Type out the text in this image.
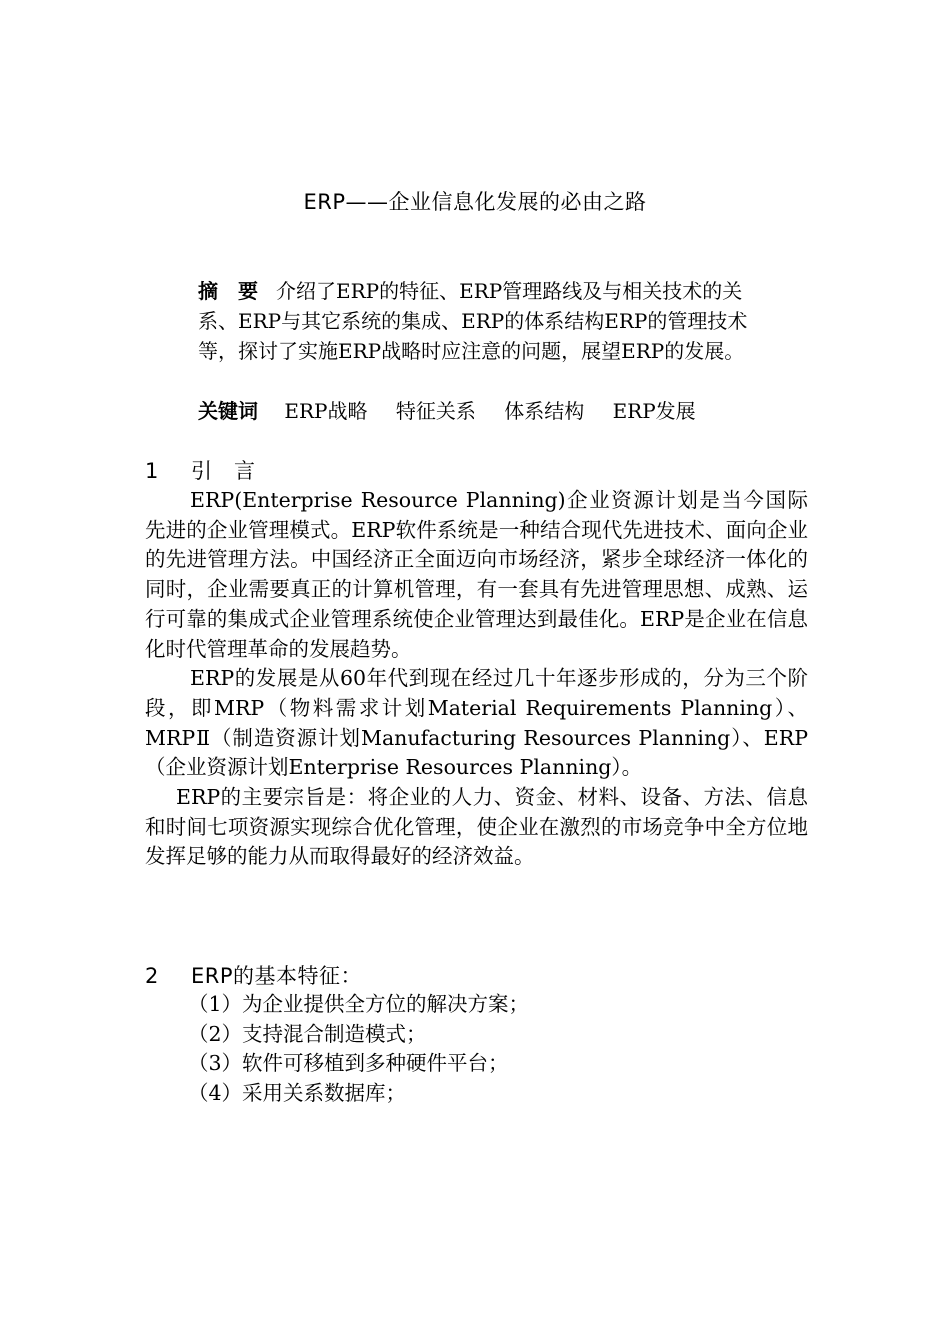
ERP——企业信息化发展的必由之路
摘　要 介绍了ERP的特征、ERP管理路线及与相关技术的关系、ERP与其它系统的集成、ERP的体系结构ERP的管理技术等，探讨了实施ERP战略时应注意的问题，展望ERP的发展。
关键词 ERP战略 特征关系 体系结构 ERP发展
1 引　言

ERP(Enterprise Resource Planning)企业资源计划是当今国际先进的企业管理模式。ERP软件系统是一种结合现代先进技术、面向企业的先进管理方法。中国经济正全面迈向市场经济，紧步全球经济一体化的同时，企业需要真正的计算机管理，有一套具有先进管理思想、成熟、运行可靠的集成式企业管理系统使企业管理达到最佳化。ERP是企业在信息化时代管理革命的发展趋势。

ERP的发展是从60年代到现在经过几十年逐步形成的，分为三个阶段，即MRP（物料需求计划Material Requirements Planning）、MRPⅡ（制造资源计划Manufacturing Resources Planning）、ERP（企业资源计划Enterprise Resources Planning）。

ERP的主要宗旨是：将企业的人力、资金、材料、设备、方法、信息和时间七项资源实现综合优化管理，使企业在激烈的市场竞争中全方位地发挥足够的能力从而取得最好的经济效益。

2 ERP的基本特征：
（1）为企业提供全方位的解决方案；
（2）支持混合制造模式；
（3）软件可移植到多种硬件平台；
（4）采用关系数据库；
